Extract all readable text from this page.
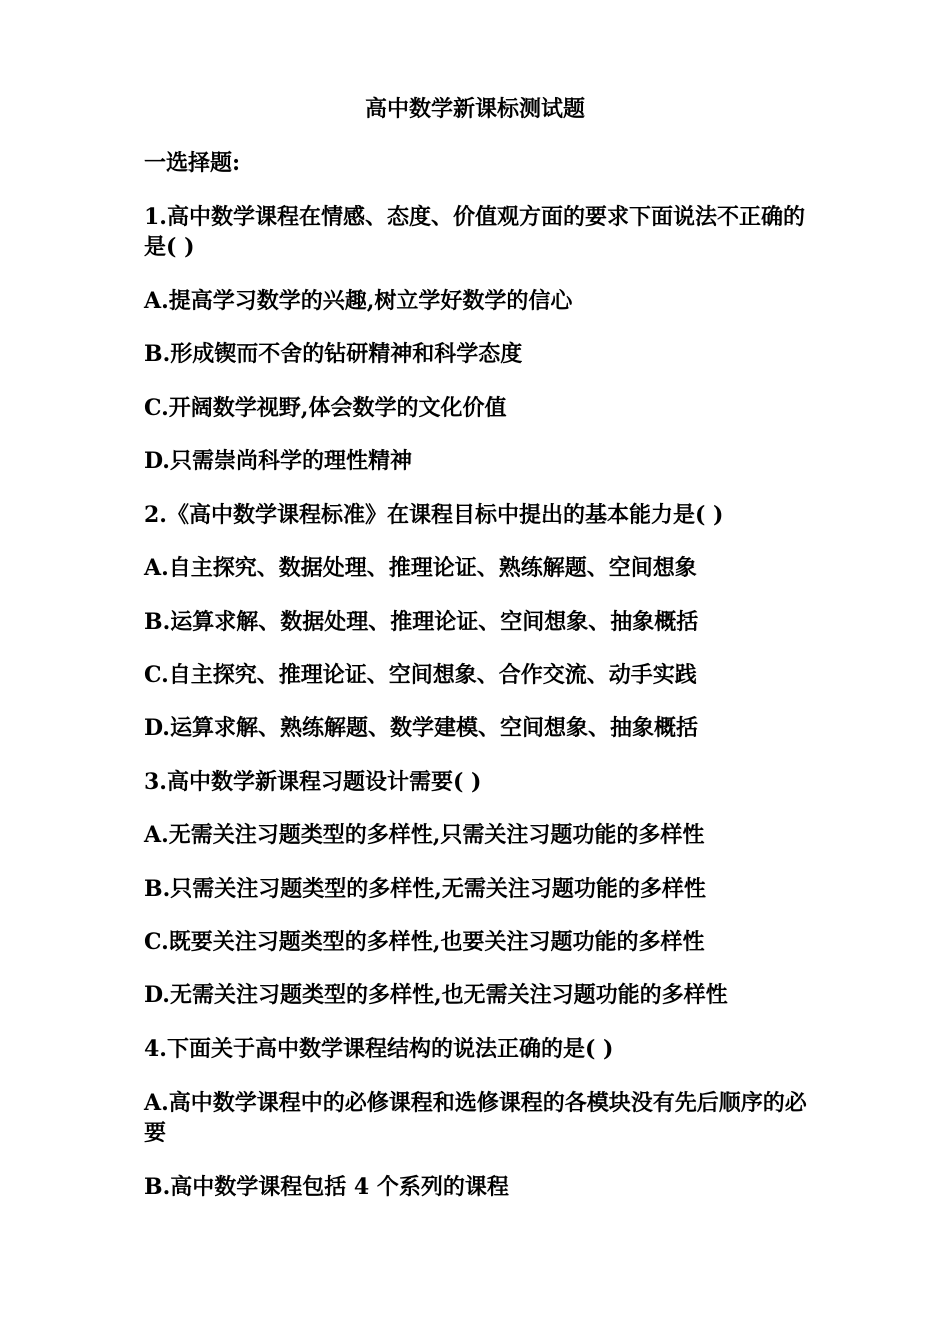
高中数学新课标测试题

一选择题:

1.高中数学课程在情感、态度、价值观方面的要求下面说法不正确的是( )

A.提高学习数学的兴趣,树立学好数学的信心

B.形成锲而不舍的钻研精神和科学态度

C.开阔数学视野,体会数学的文化价值

D.只需崇尚科学的理性精神

2.《高中数学课程标准》在课程目标中提出的基本能力是( )

A.自主探究、数据处理、推理论证、熟练解题、空间想象

B.运算求解、数据处理、推理论证、空间想象、抽象概括

C.自主探究、推理论证、空间想象、合作交流、动手实践

D.运算求解、熟练解题、数学建模、空间想象、抽象概括

3.高中数学新课程习题设计需要( )

A.无需关注习题类型的多样性,只需关注习题功能的多样性

B.只需关注习题类型的多样性,无需关注习题功能的多样性

C.既要关注习题类型的多样性,也要关注习题功能的多样性

D.无需关注习题类型的多样性,也无需关注习题功能的多样性

4.下面关于高中数学课程结构的说法正确的是( )

A.高中数学课程中的必修课程和选修课程的各模块没有先后顺序的必要

B.高中数学课程包括 4 个系列的课程
